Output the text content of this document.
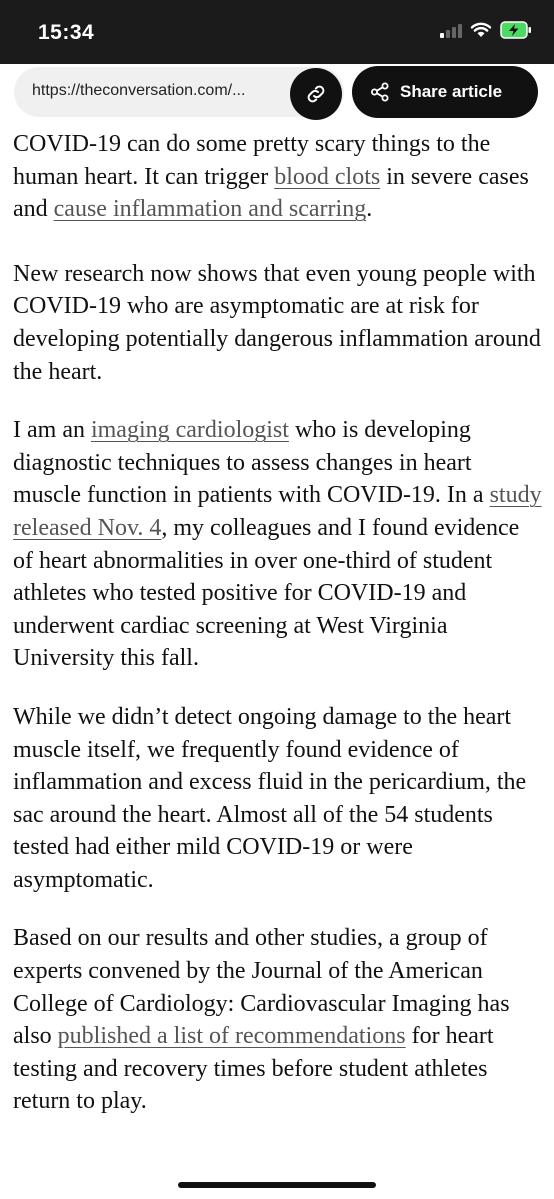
15:34
https://theconversation.com/...	Share article

COVID-19 can do some pretty scary things to the human heart. It can trigger blood clots in severe cases and cause inflammation and scarring.

New research now shows that even young people with COVID-19 who are asymptomatic are at risk for developing potentially dangerous inflammation around the heart.

I am an imaging cardiologist who is developing diagnostic techniques to assess changes in heart muscle function in patients with COVID-19. In a study released Nov. 4, my colleagues and I found evidence of heart abnormalities in over one-third of student athletes who tested positive for COVID-19 and underwent cardiac screening at West Virginia University this fall.

While we didn’t detect ongoing damage to the heart muscle itself, we frequently found evidence of inflammation and excess fluid in the pericardium, the sac around the heart. Almost all of the 54 students tested had either mild COVID-19 or were asymptomatic.

Based on our results and other studies, a group of experts convened by the Journal of the American College of Cardiology: Cardiovascular Imaging has also published a list of recommendations for heart testing and recovery times before student athletes return to play.
